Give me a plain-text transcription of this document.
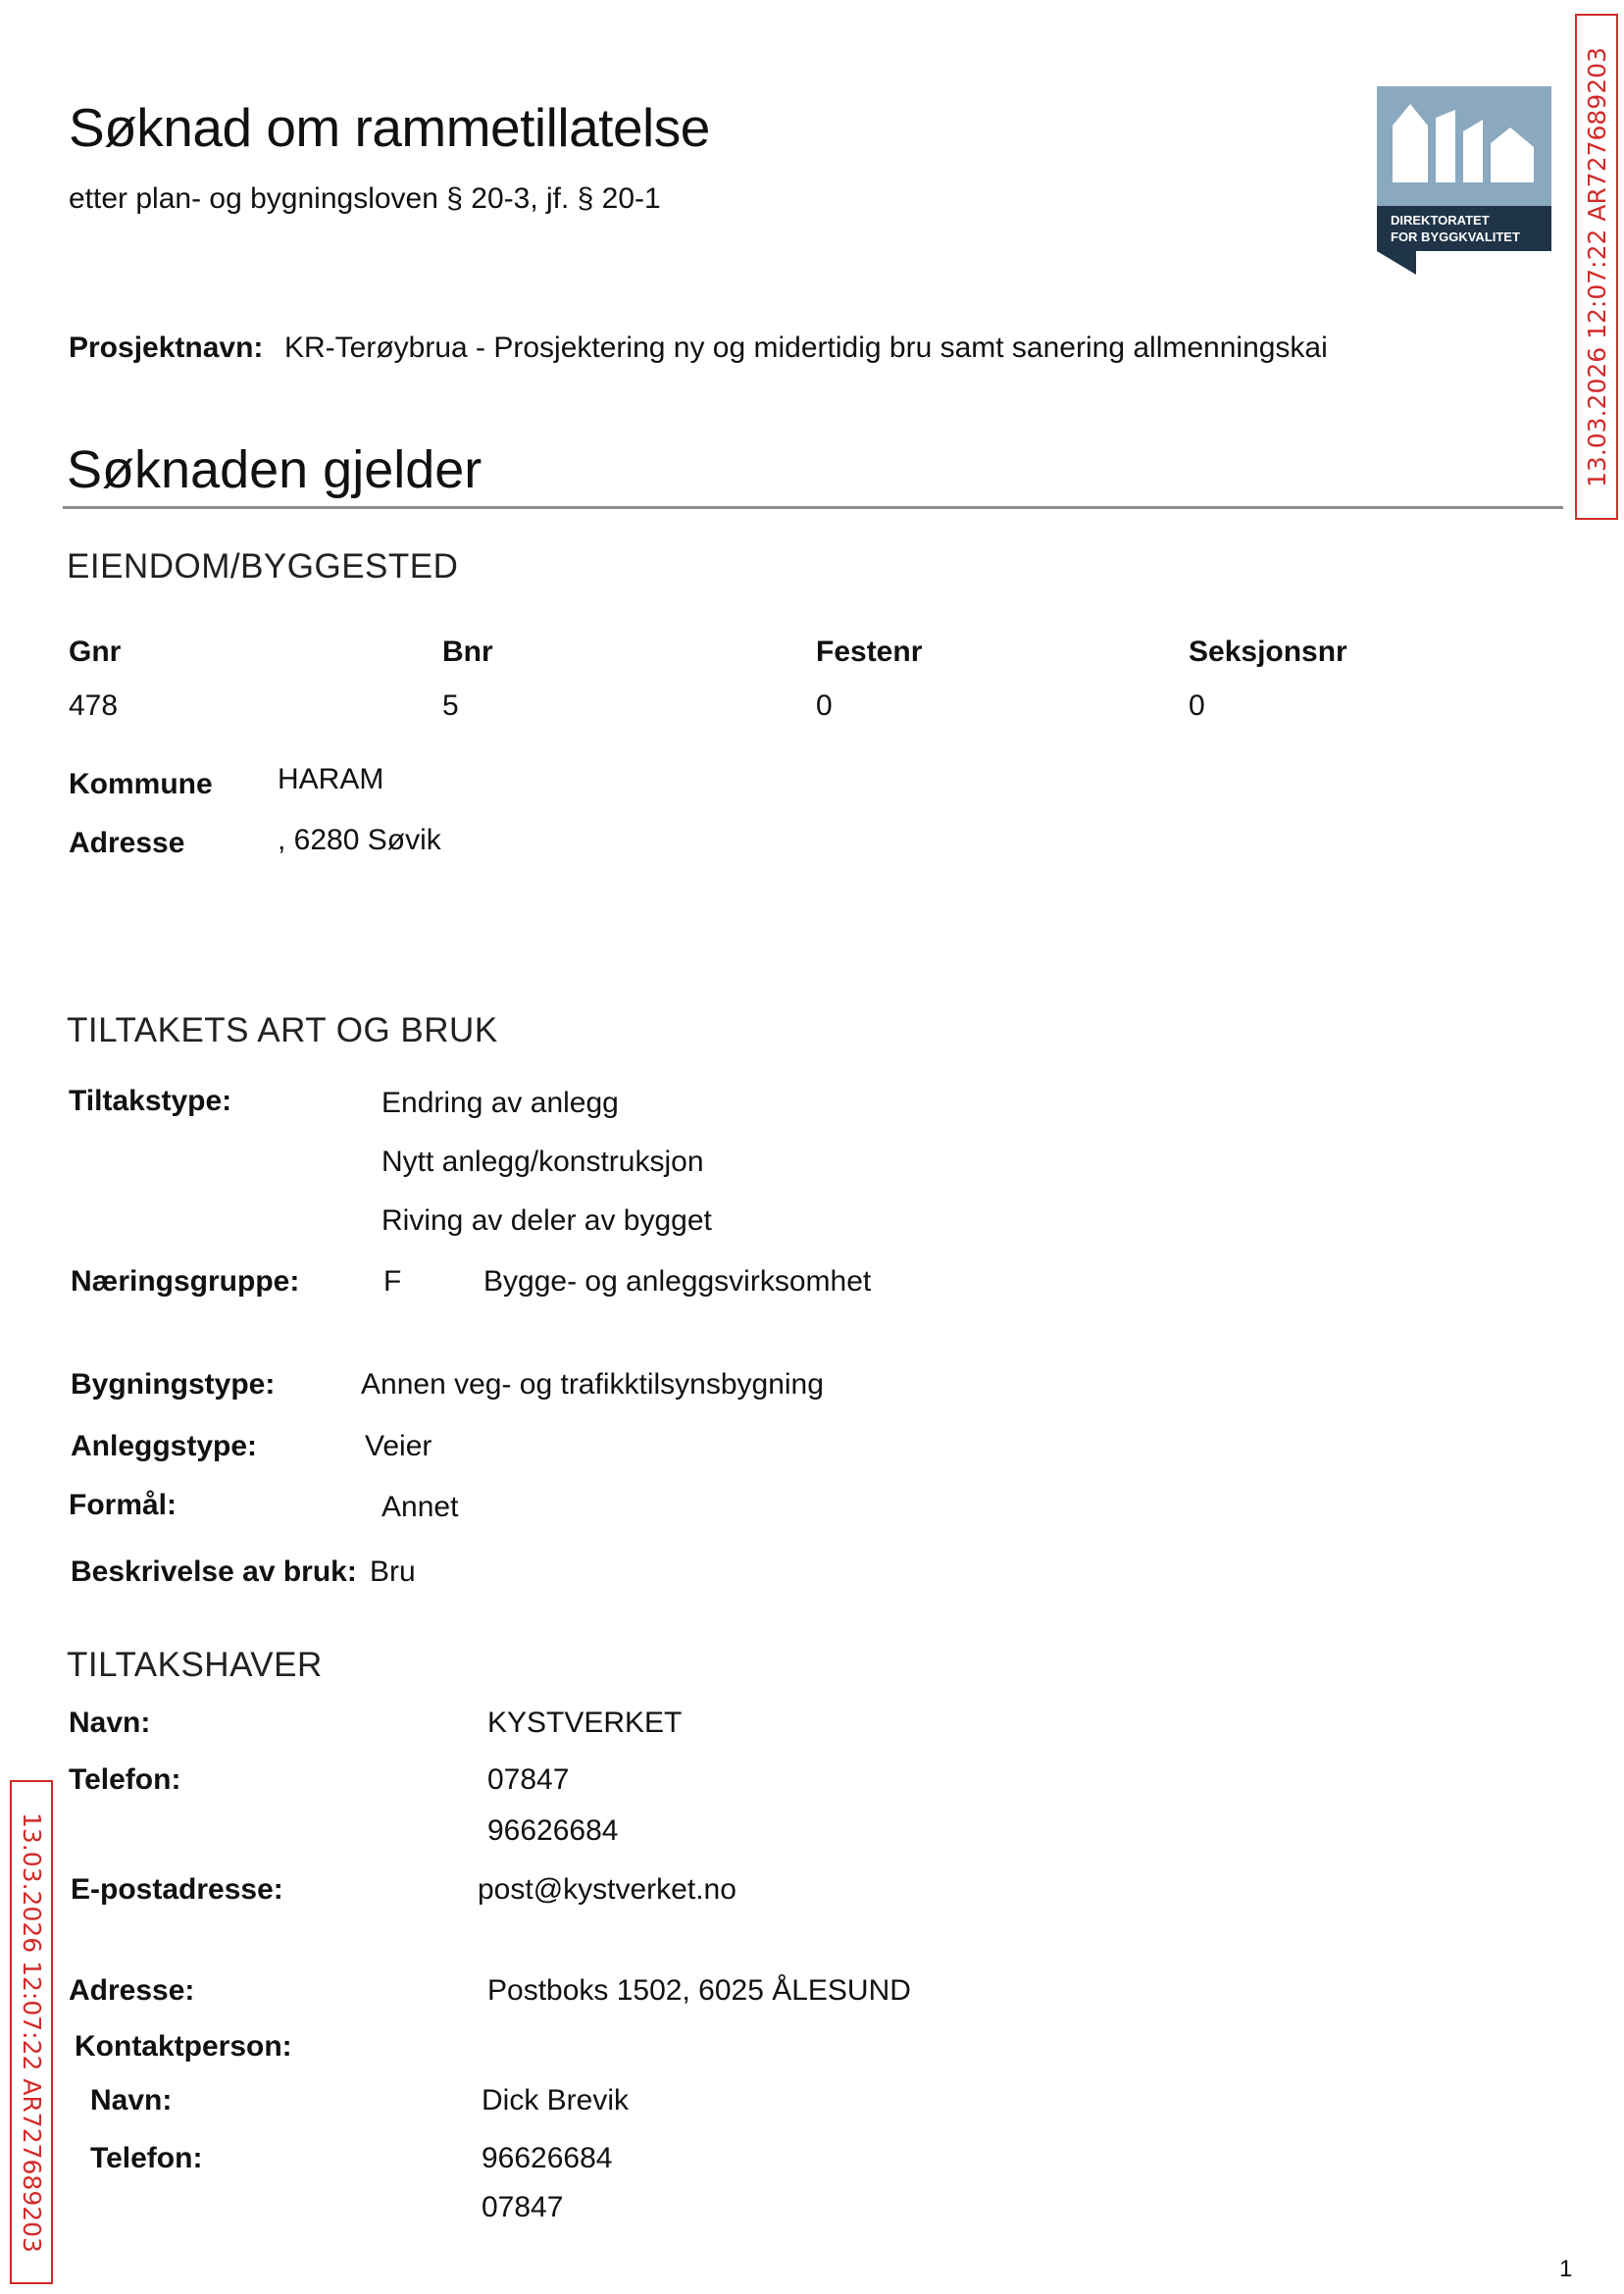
Søknad om rammetillatelse
etter plan- og bygningsloven § 20-3, jf. § 20-1
DIREKTORATET
FOR BYGGKVALITET	13.03.2026 12:07:22 AR727689203
13.03.2026 12:07:22 AR727689203
Prosjektnavn: KR-Terøybrua - Prosjektering ny og midertidig bru samt sanering allmenningskai
Søknaden gjelder
EIENDOM/BYGGESTED
Gnr	Bnr	Festenr	Seksjonsnr
478	5	0	0
Kommune HARAM
Adresse	, 6280 Søvik
TILTAKETS ART OG BRUK
Tiltakstype:	Endring av anlegg
Nytt anlegg/konstruksjon
Riving av deler av bygget
Næringsgruppe:	F	Bygge- og anleggsvirksomhet
Bygningstype:	Annen veg- og trafikktilsynsbygning
Anleggstype:	Veier
Formål:	Annet
Beskrivelse av bruk: Bru
TILTAKSHAVER
Navn:	KYSTVERKET
Telefon:	07847
96626684
E-postadresse:	post@kystverket.no
Adresse:	Postboks 1502, 6025 ÅLESUND
Kontaktperson:
Navn:	Dick Brevik
Telefon:	96626684
07847
1
